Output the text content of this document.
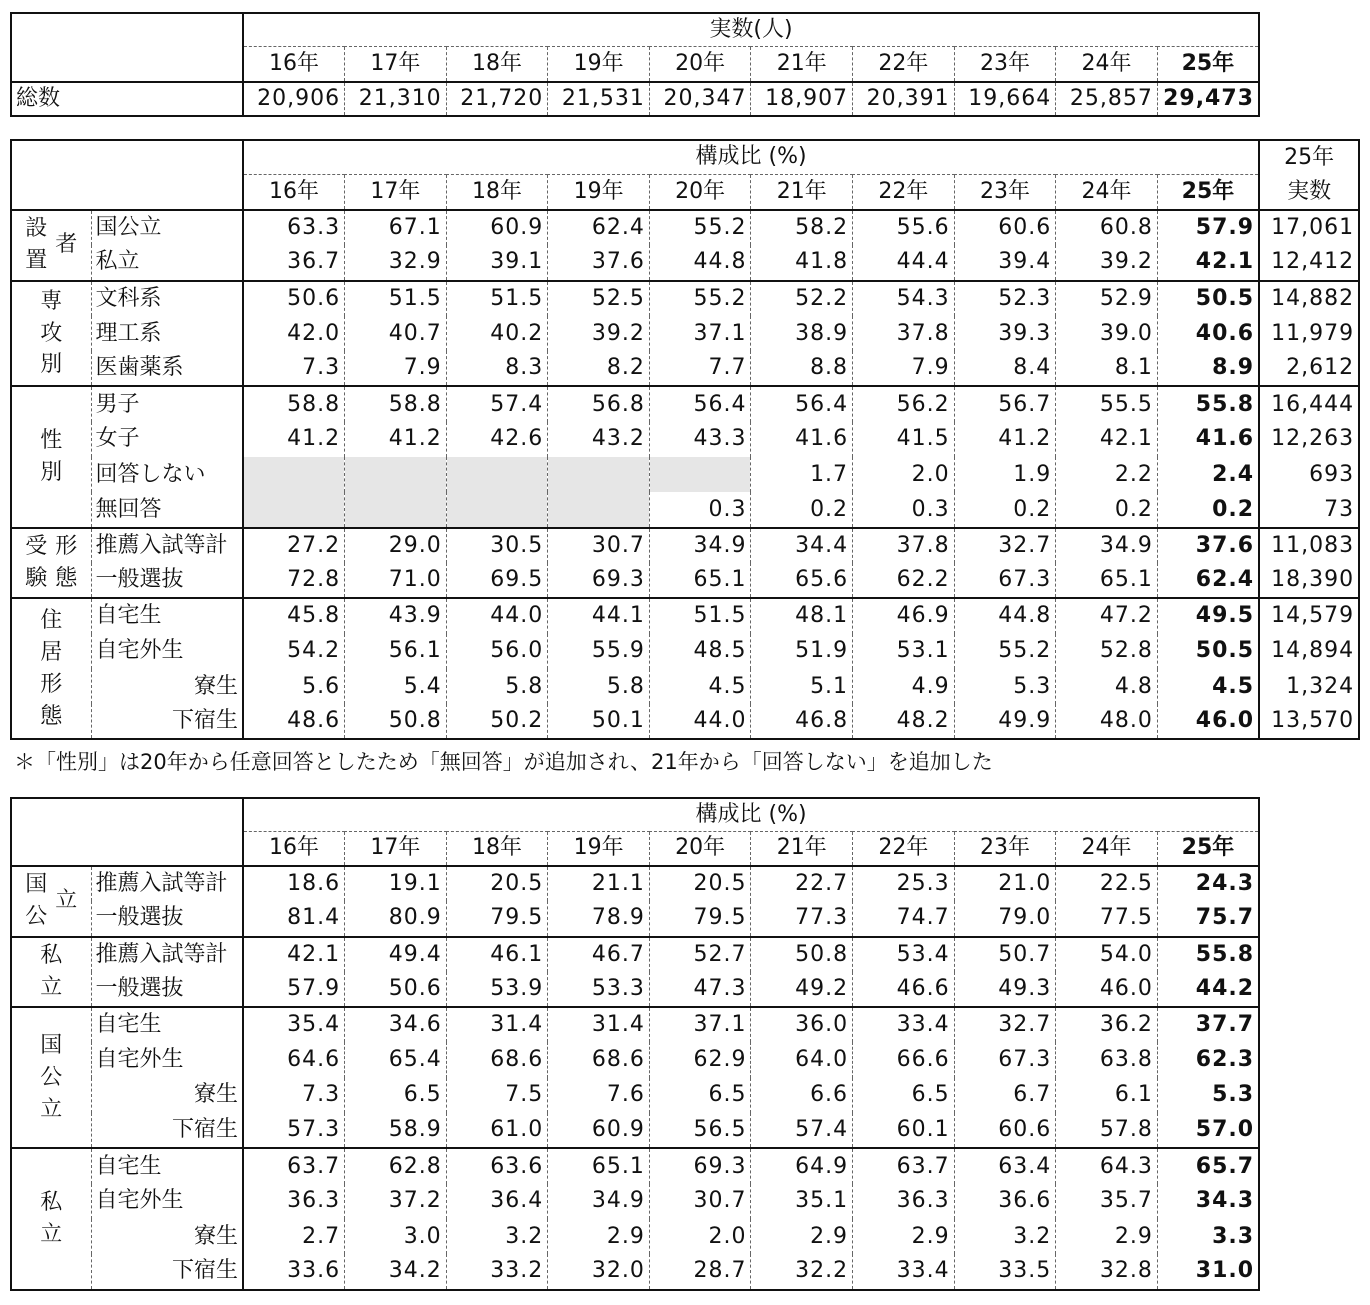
	実数(人)									
	16年	17年	18年	19年	20年	21年	22年	23年	24年	25年
総数	20,906	21,310	21,720	21,531	20,347	18,907	20,391	19,664	25,857	29,473
		構成比 (%)										25年
		16年	17年	18年	19年	20年	21年	22年	23年	24年	25年	実数

設
置
者	国公立	63.3	67.1	60.9	62.4	55.2	58.2	55.6	60.6	60.8	57.9	17,061
	私立	36.7	32.9	39.1	37.6	44.8	41.8	44.4	39.4	39.2	42.1	12,412

専
攻
別	文科系	50.6	51.5	51.5	52.5	55.2	52.2	54.3	52.3	52.9	50.5	14,882
	理工系	42.0	40.7	40.2	39.2	37.1	38.9	37.8	39.3	39.0	40.6	11,979
	医歯薬系	7.3	7.9	8.3	8.2	7.7	8.8	7.9	8.4	8.1	8.9	2,612

性
別	男子	58.8	58.8	57.4	56.8	56.4	56.4	56.2	56.7	55.5	55.8	16,444
	女子	41.2	41.2	42.6	43.2	43.3	41.6	41.5	41.2	42.1	41.6	12,263
	回答しない						1.7	2.0	1.9	2.2	2.4	693
	無回答					0.3	0.2	0.3	0.2	0.2	0.2	73

受
験
形
態	推薦入試等計	27.2	29.0	30.5	30.7	34.9	34.4	37.8	32.7	34.9	37.6	11,083
	一般選抜	72.8	71.0	69.5	69.3	65.1	65.6	62.2	67.3	65.1	62.4	18,390

住
居
形
態	自宅生	45.8	43.9	44.0	44.1	51.5	48.1	46.9	44.8	47.2	49.5	14,579
	自宅外生	54.2	56.1	56.0	55.9	48.5	51.9	53.1	55.2	52.8	50.5	14,894
	寮生	5.6	5.4	5.8	5.8	4.5	5.1	4.9	5.3	4.8	4.5	1,324
	下宿生	48.6	50.8	50.2	50.1	44.0	46.8	48.2	49.9	48.0	46.0	13,570
＊「性別」は20年から任意回答としたため「無回答」が追加され、21年から「回答しない」を追加した
		構成比 (%)									
		16年	17年	18年	19年	20年	21年	22年	23年	24年	25年

国
公
立	推薦入試等計	18.6	19.1	20.5	21.1	20.5	22.7	25.3	21.0	22.5	24.3
	一般選抜	81.4	80.9	79.5	78.9	79.5	77.3	74.7	79.0	77.5	75.7

私
立	推薦入試等計	42.1	49.4	46.1	46.7	52.7	50.8	53.4	50.7	54.0	55.8
	一般選抜	57.9	50.6	53.9	53.3	47.3	49.2	46.6	49.3	46.0	44.2

国
公
立	自宅生	35.4	34.6	31.4	31.4	37.1	36.0	33.4	32.7	36.2	37.7
	自宅外生	64.6	65.4	68.6	68.6	62.9	64.0	66.6	67.3	63.8	62.3
	寮生	7.3	6.5	7.5	7.6	6.5	6.6	6.5	6.7	6.1	5.3
	下宿生	57.3	58.9	61.0	60.9	56.5	57.4	60.1	60.6	57.8	57.0

私
立	自宅生	63.7	62.8	63.6	65.1	69.3	64.9	63.7	63.4	64.3	65.7
	自宅外生	36.3	37.2	36.4	34.9	30.7	35.1	36.3	36.6	35.7	34.3
	寮生	2.7	3.0	3.2	2.9	2.0	2.9	2.9	3.2	2.9	3.3
	下宿生	33.6	34.2	33.2	32.0	28.7	32.2	33.4	33.5	32.8	31.0
